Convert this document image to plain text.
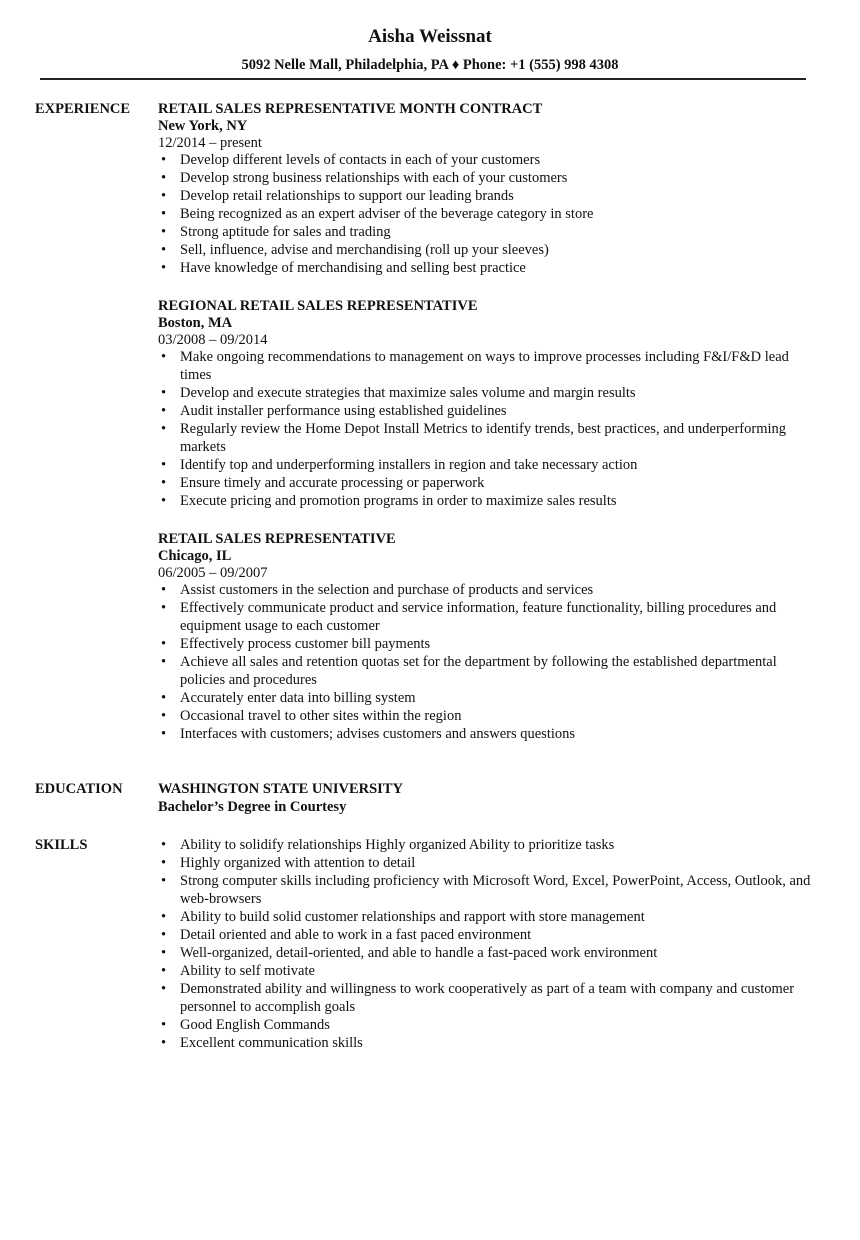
Aisha Weissnat
5092 Nelle Mall, Philadelphia, PA ♦ Phone: +1 (555) 998 4308
EXPERIENCE	RETAIL SALES REPRESENTATIVE MONTH CONTRACT
New York, NY
12/2014 – present
• Develop different levels of contacts in each of your customers
• Develop strong business relationships with each of your customers
• Develop retail relationships to support our leading brands
• Being recognized as an expert adviser of the beverage category in store
• Strong aptitude for sales and trading
• Sell, influence, advise and merchandising (roll up your sleeves)
• Have knowledge of merchandising and selling best practice
REGIONAL RETAIL SALES REPRESENTATIVE
Boston, MA
03/2008 – 09/2014
• Make ongoing recommendations to management on ways to improve processes including F&I/F&D lead times
• Develop and execute strategies that maximize sales volume and margin results
• Audit installer performance using established guidelines
• Regularly review the Home Depot Install Metrics to identify trends, best practices, and underperforming markets
• Identify top and underperforming installers in region and take necessary action
• Ensure timely and accurate processing or paperwork
• Execute pricing and promotion programs in order to maximize sales results
RETAIL SALES REPRESENTATIVE
Chicago, IL
06/2005 – 09/2007
• Assist customers in the selection and purchase of products and services
• Effectively communicate product and service information, feature functionality, billing procedures and equipment usage to each customer
• Effectively process customer bill payments
• Achieve all sales and retention quotas set for the department by following the established departmental policies and procedures
• Accurately enter data into billing system
• Occasional travel to other sites within the region
• Interfaces with customers; advises customers and answers questions
EDUCATION	WASHINGTON STATE UNIVERSITY
Bachelor’s Degree in Courtesy
SKILLS
•	Ability to solidify relationships Highly organized Ability to prioritize tasks
• Highly organized with attention to detail
• Strong computer skills including proficiency with Microsoft Word, Excel, PowerPoint, Access, Outlook, and web-browsers
• Ability to build solid customer relationships and rapport with store management
• Detail oriented and able to work in a fast paced environment
• Well-organized, detail-oriented, and able to handle a fast-paced work environment
• Ability to self motivate
• Demonstrated ability and willingness to work cooperatively as part of a team with company and customer personnel to accomplish goals
• Good English Commands
• Excellent communication skills
